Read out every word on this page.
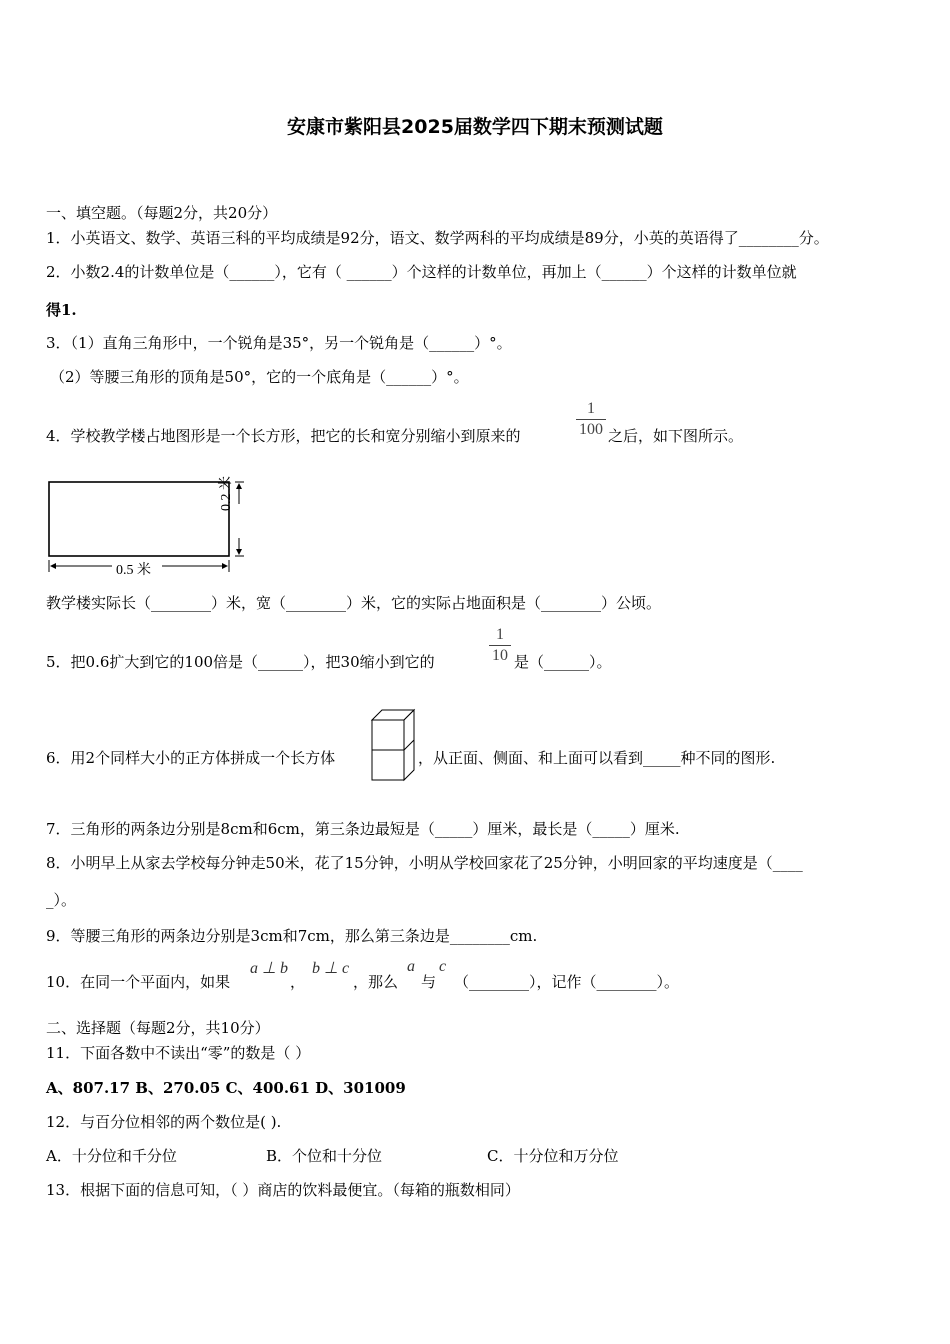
安康市紫阳县2025届数学四下期末预测试题
一、填空题。（每题2分，共20分）
1．小英语文、数学、英语三科的平均成绩是92分，语文、数学两科的平均成绩是89分，小英的英语得了________分。
2．小数2.4的计数单位是（______），它有（ ______）个这样的计数单位，再加上（______）个这样的计数单位就
得1.
3．（1）直角三角形中，一个锐角是35°，另一个锐角是（______）°。
（2）等腰三角形的顶角是50°，它的一个底角是（______）°。
4．学校教学楼占地图形是一个长方形，把它的长和宽分别缩小到原来的
1
100 之后，如下图所示。
0.5 米
0.2 米
教学楼实际长（________）米，宽（________）米，它的实际占地面积是（________）公顷。
5．把0.6扩大到它的100倍是（______），把30缩小到它的
1
10 是（______）。
6．用2个同样大小的正方体拼成一个长方体	，从正面、侧面、和上面可以看到_____种不同的图形.
7．三角形的两条边分别是8cm和6cm，第三条边最短是（_____）厘米，最长是（_____）厘米.
8．小明早上从家去学校每分钟走50米，花了15分钟，小明从学校回家花了25分钟，小明回家的平均速度是（____
_）。
9．等腰三角形的两条边分别是3cm和7cm，那么第三条边是________cm.
10．在同一个平面内，如果
a ⊥ b
，
b ⊥ c
，那么
a
与
c
（________），记作（________）。
二、选择题（每题2分，共10分）
11．下面各数中不读出“零”的数是（ ）
A、807.17 B、270.05 C、400.61 D、301009
12．与百分位相邻的两个数位是( ).
A．十分位和千分位	B．个位和十分位	C．十分位和万分位
13．根据下面的信息可知，（ ）商店的饮料最便宜。（每箱的瓶数相同）
